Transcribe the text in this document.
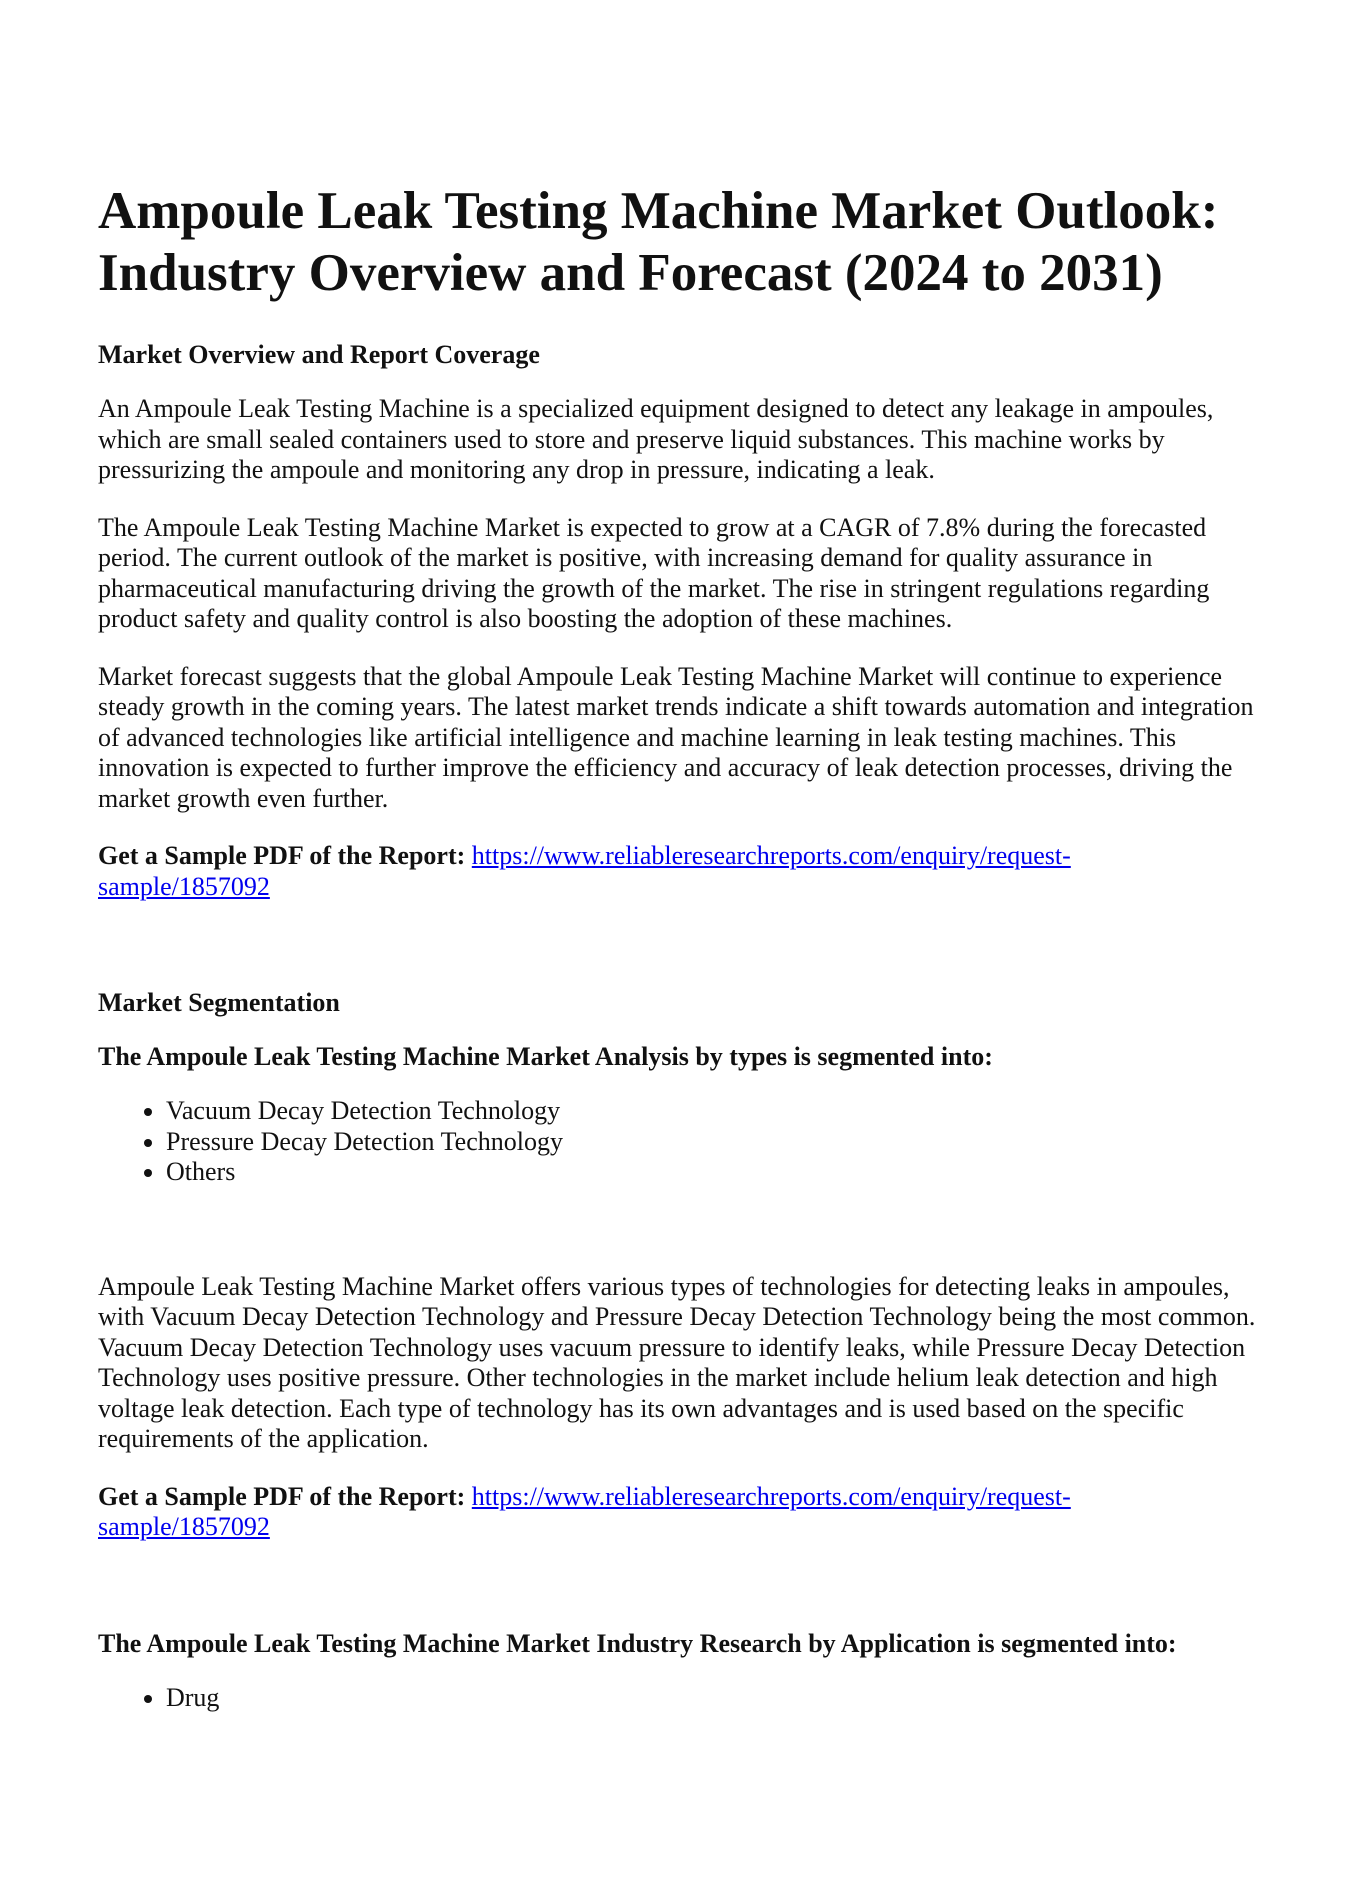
Ampoule Leak Testing Machine Market Outlook: Industry Overview and Forecast (2024 to 2031)
Market Overview and Report Coverage

An Ampoule Leak Testing Machine is a specialized equipment designed to detect any leakage in ampoules, which are small sealed containers used to store and preserve liquid substances. This machine works by pressurizing the ampoule and monitoring any drop in pressure, indicating a leak.

The Ampoule Leak Testing Machine Market is expected to grow at a CAGR of 7.8% during the forecasted period. The current outlook of the market is positive, with increasing demand for quality assurance in pharmaceutical manufacturing driving the growth of the market. The rise in stringent regulations regarding product safety and quality control is also boosting the adoption of these machines.

Market forecast suggests that the global Ampoule Leak Testing Machine Market will continue to experience steady growth in the coming years. The latest market trends indicate a shift towards automation and integration of advanced technologies like artificial intelligence and machine learning in leak testing machines. This innovation is expected to further improve the efficiency and accuracy of leak detection processes, driving the market growth even further.

Get a Sample PDF of the Report: https://www.reliableresearchreports.com/enquiry/request-
sample/1857092
Market Segmentation
The Ampoule Leak Testing Machine Market Analysis by types is segmented into:
• Vacuum Decay Detection Technology
• Pressure Decay Detection Technology
• Others

Ampoule Leak Testing Machine Market offers various types of technologies for detecting leaks in ampoules, with Vacuum Decay Detection Technology and Pressure Decay Detection Technology being the most common. Vacuum Decay Detection Technology uses vacuum pressure to identify leaks, while Pressure Decay Detection Technology uses positive pressure. Other technologies in the market include helium leak detection and high voltage leak detection. Each type of technology has its own advantages and is used based on the specific requirements of the application.

Get a Sample PDF of the Report: https://www.reliableresearchreports.com/enquiry/request-
sample/1857092
The Ampoule Leak Testing Machine Market Industry Research by Application is segmented into:
• Drug
